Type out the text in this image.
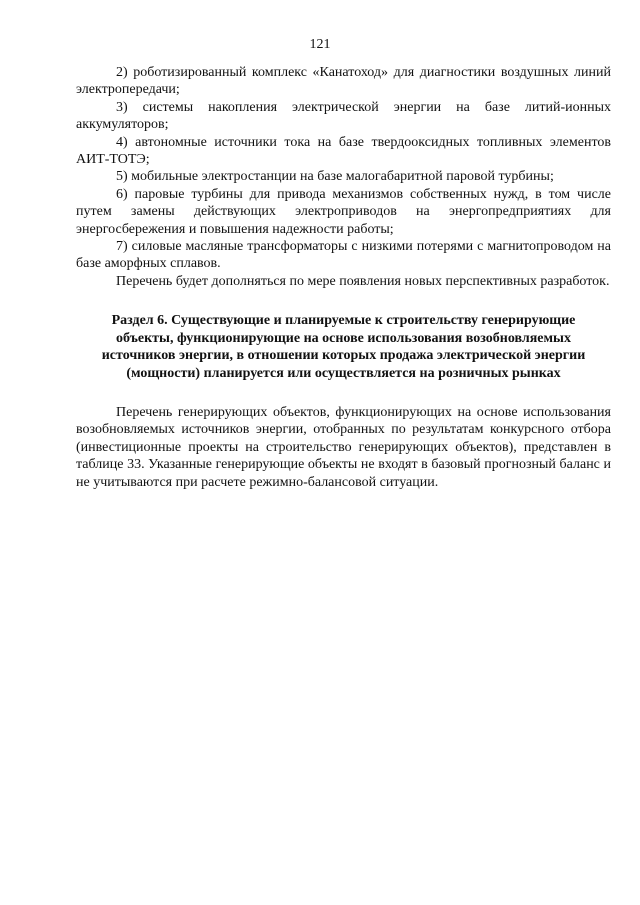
121

2) роботизированный комплекс «Канатоход» для диагностики воздушных линий электропередачи;

3) системы накопления электрической энергии на базе литий-ионных аккумуляторов;

4) автономные источники тока на базе твердооксидных топливных элементов АИТ-ТОТЭ;

5) мобильные электростанции на базе малогабаритной паровой турбины;

6) паровые турбины для привода механизмов собственных нужд, в том числе путем замены действующих электроприводов на энергопредприятиях для энергосбережения и повышения надежности работы;

7) силовые масляные трансформаторы с низкими потерями с магнитопроводом на базе аморфных сплавов.

Перечень будет дополняться по мере появления новых перспективных разработок.

Раздел 6. Существующие и планируемые к строительству генерирующие объекты, функционирующие на основе использования возобновляемых источников энергии, в отношении которых продажа электрической энергии (мощности) планируется или осуществляется на розничных рынках

Перечень генерирующих объектов, функционирующих на основе использования возобновляемых источников энергии, отобранных по результатам конкурсного отбора (инвестиционные проекты на строительство генерирующих объектов), представлен в таблице 33. Указанные генерирующие объекты не входят в базовый прогнозный баланс и не учитываются при расчете режимно-балансовой ситуации.
